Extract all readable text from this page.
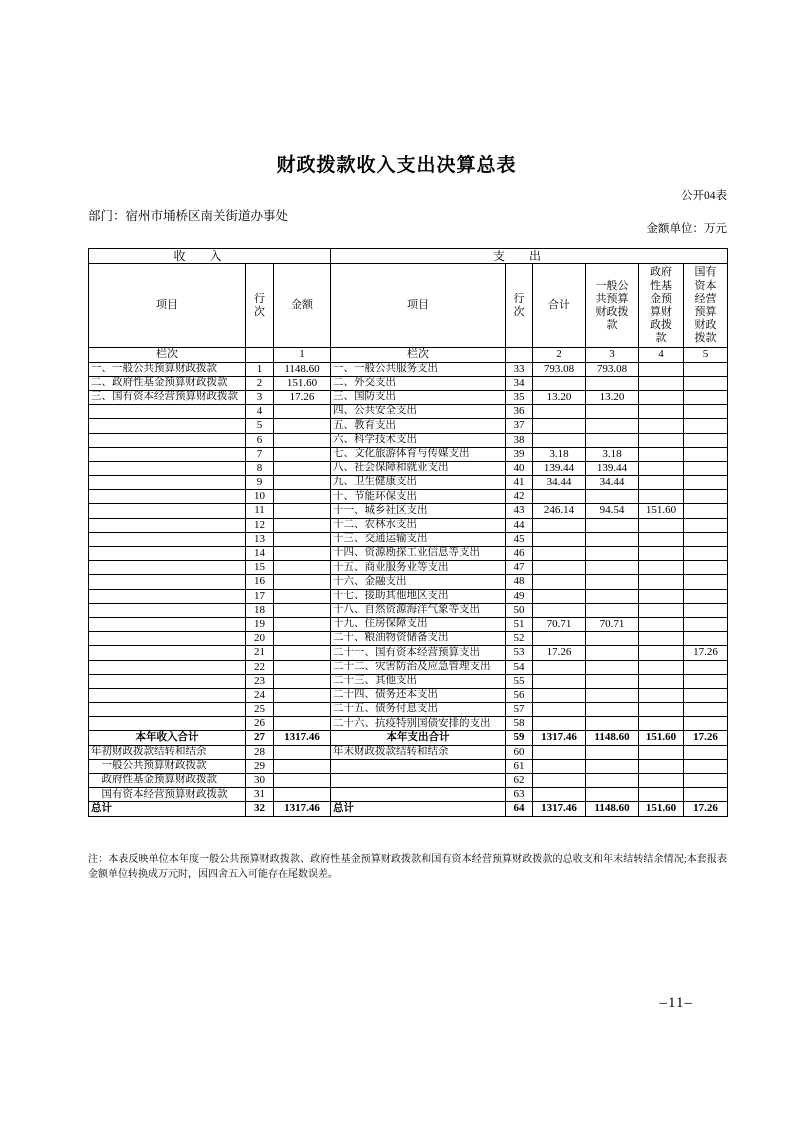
财政拨款收入支出决算总表
公开04表
部门：宿州市埇桥区南关街道办事处
金额单位：万元
收入			支出					
项目	行次	金额	项目	行次	合计	一般公共预算财政拨款	政府性基金预算财政拨款	国有资本经营预算财政拨款

栏次		1	栏次		2	3	4	5
一、一般公共预算财政拨款	1	1148.60	一、一般公共服务支出	33	793.08	793.08		
二、政府性基金预算财政拨款	2	151.60	二、外交支出	34				
三、国有资本经营预算财政拨款	3	17.26	三、国防支出	35	13.20	13.20		
	4		四、公共安全支出	36				
	5		五、教育支出	37				
	6		六、科学技术支出	38				
	7		七、文化旅游体育与传媒支出	39	3.18	3.18		
	8		八、社会保障和就业支出	40	139.44	139.44		
	9		九、卫生健康支出	41	34.44	34.44		
	10		十、节能环保支出	42				
	11		十一、城乡社区支出	43	246.14	94.54	151.60	
	12		十二、农林水支出	44				
	13		十三、交通运输支出	45				
	14		十四、资源勘探工业信息等支出	46				
	15		十五、商业服务业等支出	47				
	16		十六、金融支出	48				
	17		十七、援助其他地区支出	49				
	18		十八、自然资源海洋气象等支出	50				
	19		十九、住房保障支出	51	70.71	70.71		
	20		二十、粮油物资储备支出	52				
	21		二十一、国有资本经营预算支出	53	17.26			17.26
	22		二十二、灾害防治及应急管理支出	54				
	23		二十三、其他支出	55				
	24		二十四、债务还本支出	56				
	25		二十五、债务付息支出	57				
	26		二十六、抗疫特别国债安排的支出	58				
本年收入合计	27	1317.46	本年支出合计	59	1317.46	1148.60	151.60	17.26
年初财政拨款结转和结余	28		年末财政拨款结转和结余	60				
　一般公共预算财政拨款	29			61				
　政府性基金预算财政拨款	30			62				
　国有资本经营预算财政拨款	31			63				
总计	32	1317.46	总计	64	1317.46	1148.60	151.60	17.26
注：本表反映单位本年度一般公共预算财政拨款、政府性基金预算财政拨款和国有资本经营预算财政拨款的总收支和年末结转结余情况;本套报表金额单位转换成万元时，因四舍五入可能存在尾数误差。
–11–
